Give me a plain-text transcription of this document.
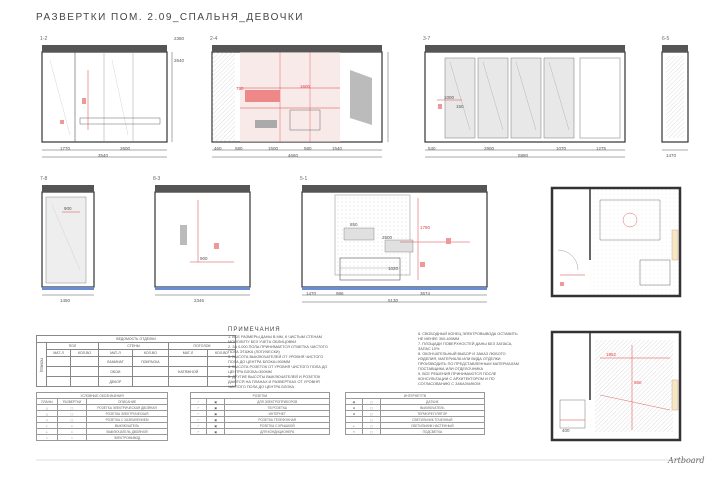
РАЗВЕРТКИ ПОМ. 2.09_СПАЛЬНЯ_ДЕВОЧКИ
1-2	2-4	3-7	6-5
7-8	8-3	5-1
1770	2600
3540
2380
2640
460	580	1500	580	1540
4660
750	1600
540	2900	1070	1275
5880
1000
150
1470
900
1450
900
2346
1470	986	3674
5130
850
2500
1020
1780
1952
850
400
ВЕДОМОСТЬ ОТДЕЛКИ						
ПОМЕЩ	ПОЛ		СТЕНЫ		ПОТОЛОК	
	МАТ-Л	КОЛ-ВО	МАТ-Л	КОЛ-ВО	МАТ-Л	КОЛ-ВО
			ЛАМИНАТ	ПОКРАСКА		
			ОБОИ		НАТЯЖНОЙ	
			ДЕКОР			
ПРИМЕЧАНИЯ
1. ВСЕ РАЗМЕРЫ ДАНЫ В ММ, К ЧИСТЫМ СТЕНАМ
МОНОЛИТУ БЕЗ УЧЕТА ОБЛИЦОВКИ
2. ЗА 0.000 ПОЛА ПРИНИМАЕТСЯ ОТМЕТКА ЧИСТОГО
ПОЛА ЭТАЖА (ЛОГИЧЕСКИ)
3. ВЫСОТА ВЫКЛЮЧАТЕЛЕЙ ОТ УРОВНЯ ЧИСТОГО
ПОЛА ДО ЦЕНТРА БЛОКА=900ММ
4. ВЫСОТА РОЗЕТОК ОТ УРОВНЯ ЧИСТОГО ПОЛА ДО
ЦЕНТРА БЛОКА=300ММ
5. ДРУГИЕ ВЫСОТЫ ВЫКЛЮЧАТЕЛЕЙ И РОЗЕТОК
ДАЮТСЯ НА ПЛАНАХ И РАЗВЕРТКАХ ОТ УРОВНЯ
ЧИСТОГО ПОЛА ДО ЦЕНТРА БЛОКА
6. СВОБОДНЫЙ КОНЕЦ ЭЛЕКТРОВЫВОДА ОСТАВИТЬ
НЕ МЕНЕЕ 300-400ММ
7. ПЛОЩАДИ ПОВЕРХНОСТЕЙ ДАНЫ БЕЗ ЗАПАСА,
ЗАПАС 10%
8. ОКОНЧАТЕЛЬНЫЙ ВЫБОР И ЗАКАЗ ЛЮБОГО
ИЗДЕЛИЯ, МАТЕРИАЛА ИЛИ ВИДА ОТДЕЛКИ
ПРОИЗВОДИТЬ ПО ПРЕДСТАВЛЕННЫМ МАТЕРИАЛАМ
ПОСТАВЩИКА ИЛИ ОТДЕЛОЧНИКА
9. ВСЕ РЕШЕНИЯ ПРИНИМАЮТСЯ ПОСЛЕ
КОНСУЛЬТАЦИИ С АРХИТЕКТОРОМ И ПО
СОГЛАСОВАНИЮ С ЗАКАЗЧИКОМ
УСЛОВНЫЕ ОБОЗНАЧЕНИЯ		
ПЛАНЫ	РАЗВЕРТКИ	ОПИСАНИЕ
△	▢	РОЗЕТКА ЭЛЕКТРИЧЕСКАЯ ДВОЙНАЯ
△	▢	РОЗЕТКА ЭЛЕКТРИЧЕСКАЯ
◇	▢	РОЗЕТКА С ЗАЗЕМЛЕНИЕМ
⊥	▪	ВЫКЛЮЧАТЕЛЬ
⊥	▪	ВЫКЛЮЧАТЕЛЬ ДВОЙНОЙ
○	○	ЭЛЕКТРОВЫВОД
РОЗЕТКИ		
⌐	▣	ДЛЯ ЭЛЕКТРОПРИБОРОВ
⌐	▣	ТВ РОЗЕТКА
⌐	▣	ИНТЕРНЕТ
⌐	▣	РОЗЕТКА ТЕЛЕФОННАЯ
⌐	▣	РОЗЕТКА С КРЫШКОЙ
⌐	▣	ДЛЯ КОНДИЦИОНЕРА
ИНТЕРНЕТ/ТВ		
◉	▢	ДАТЧИК
⊕	▢	ВЫКЛЮЧАТЕЛЬ
⊗	▢	ТЕРМОРЕГУЛЯТОР
·	▢	СВЕТИЛЬНИК ТОЧЕЧНЫЙ
◐	▢	СВЕТИЛЬНИК НАСТЕННЫЙ
═	▢	ПОДСВЕТКА
Artboard
